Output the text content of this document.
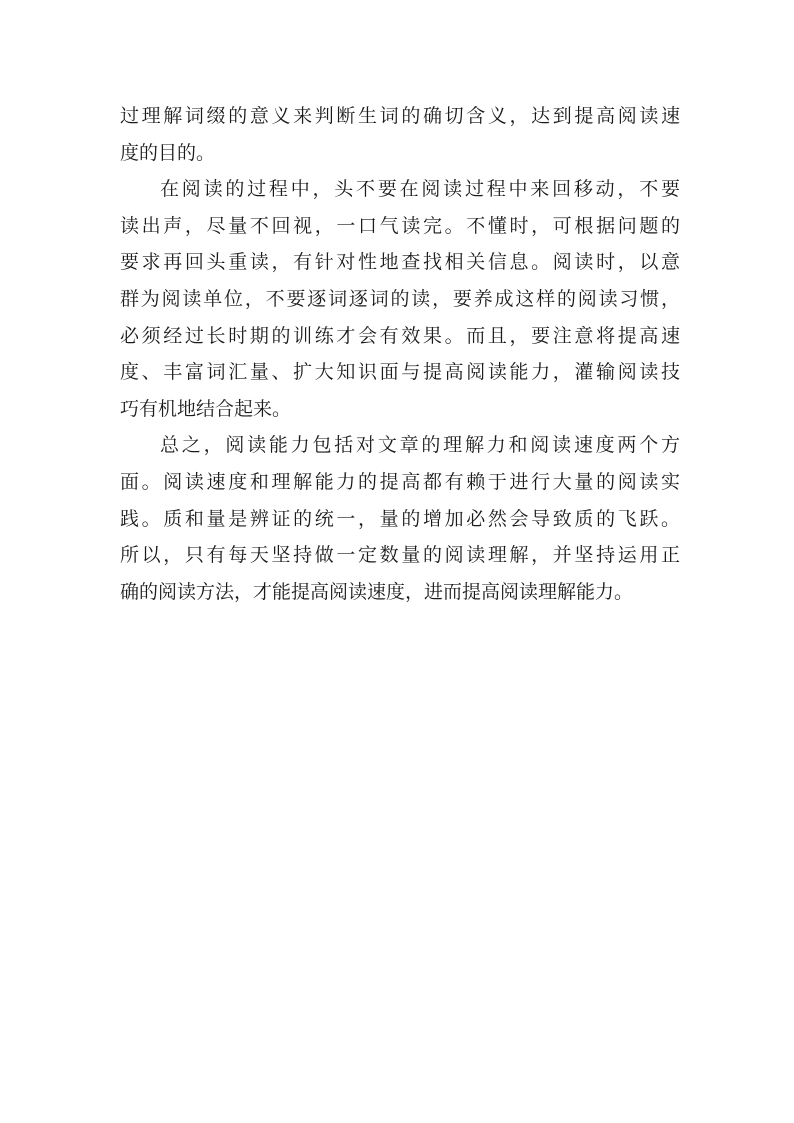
过理解词缀的意义来判断生词的确切含义，达到提高阅读速
度的目的。
在阅读的过程中，头不要在阅读过程中来回移动，不要
读出声，尽量不回视，一口气读完。不懂时，可根据问题的
要求再回头重读，有针对性地查找相关信息。阅读时，以意
群为阅读单位，不要逐词逐词的读，要养成这样的阅读习惯，
必须经过长时期的训练才会有效果。而且，要注意将提高速
度、丰富词汇量、扩大知识面与提高阅读能力，灌输阅读技
巧有机地结合起来。
总之，阅读能力包括对文章的理解力和阅读速度两个方
面。阅读速度和理解能力的提高都有赖于进行大量的阅读实
践。质和量是辨证的统一，量的增加必然会导致质的飞跃。
所以，只有每天坚持做一定数量的阅读理解，并坚持运用正
确的阅读方法，才能提高阅读速度，进而提高阅读理解能力。
